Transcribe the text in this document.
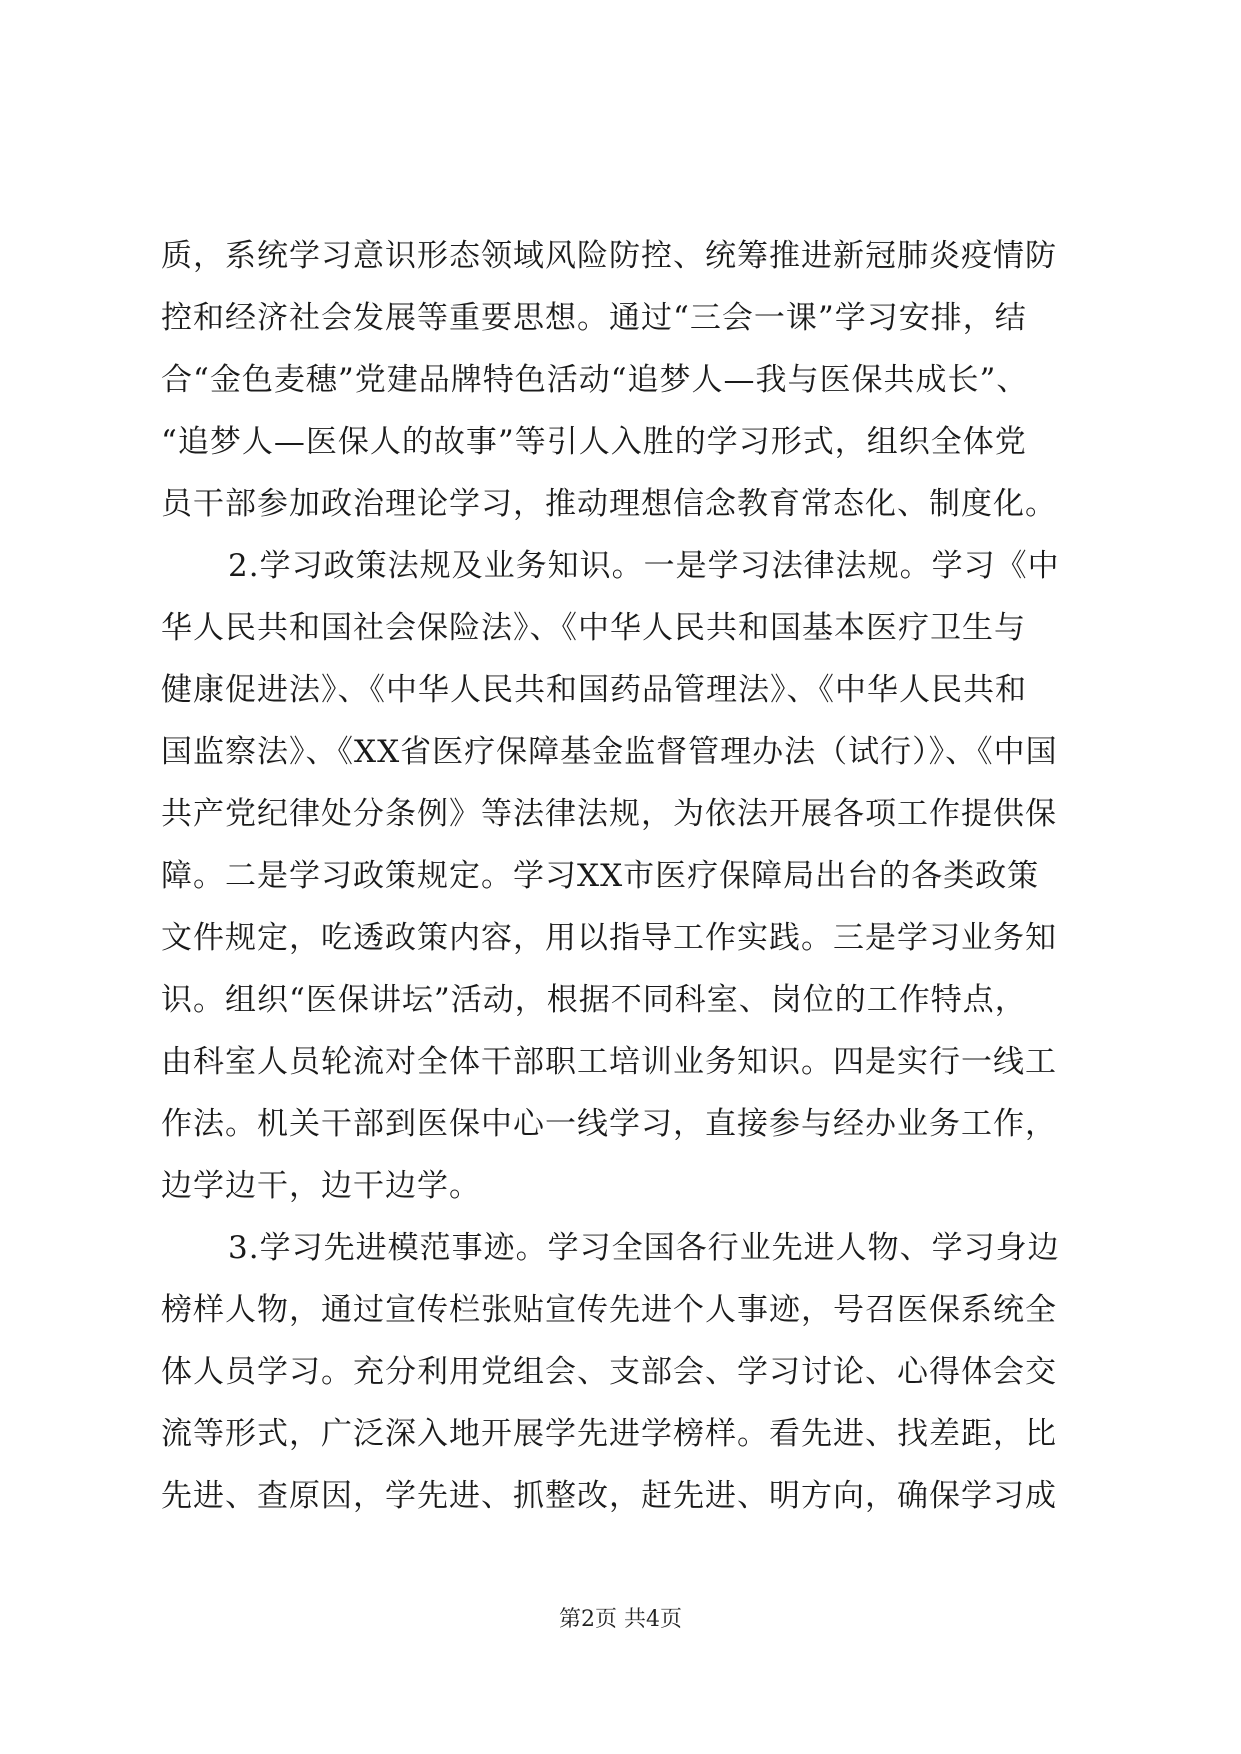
质，系统学习意识形态领域风险防控、统筹推进新冠肺炎疫情防
控和经济社会发展等重要思想。通过“三会一课”学习安排，结
合“金色麦穗”党建品牌特色活动“追梦人—我与医保共成长”、
“追梦人—医保人的故事”等引人入胜的学习形式，组织全体党
员干部参加政治理论学习，推动理想信念教育常态化、制度化。
2.学习政策法规及业务知识。一是学习法律法规。学习《中
华人民共和国社会保险法》、《中华人民共和国基本医疗卫生与
健康促进法》、《中华人民共和国药品管理法》、《中华人民共和
国监察法》、《XX省医疗保障基金监督管理办法（试行）》、《中国
共产党纪律处分条例》等法律法规，为依法开展各项工作提供保
障。二是学习政策规定。学习XX市医疗保障局出台的各类政策
文件规定，吃透政策内容，用以指导工作实践。三是学习业务知
识。组织“医保讲坛”活动，根据不同科室、岗位的工作特点，
由科室人员轮流对全体干部职工培训业务知识。四是实行一线工
作法。机关干部到医保中心一线学习，直接参与经办业务工作，
边学边干，边干边学。
3.学习先进模范事迹。学习全国各行业先进人物、学习身边
榜样人物，通过宣传栏张贴宣传先进个人事迹，号召医保系统全
体人员学习。充分利用党组会、支部会、学习讨论、心得体会交
流等形式，广泛深入地开展学先进学榜样。看先进、找差距，比
先进、查原因，学先进、抓整改，赶先进、明方向，确保学习成
第2页 共4页
